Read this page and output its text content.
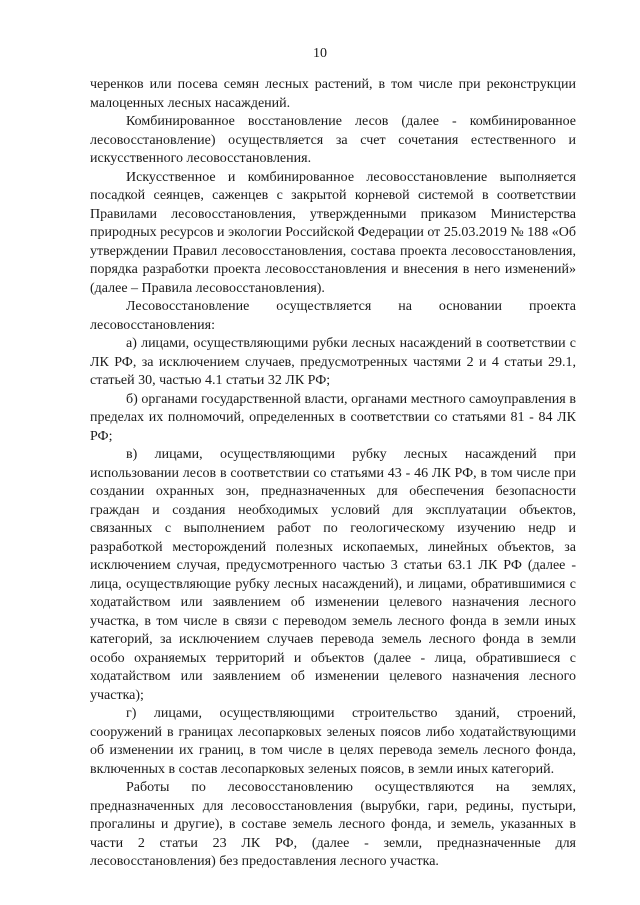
10

черенков или посева семян лесных растений, в том числе при реконструкции малоценных лесных насаждений.

Комбинированное восстановление лесов (далее - комбинированное лесовосстановление) осуществляется за счет сочетания естественного и искусственного лесовосстановления.

Искусственное и комбинированное лесовосстановление выполняется посадкой сеянцев, саженцев с закрытой корневой системой в соответствии Правилами лесовосстановления, утвержденными приказом Министерства природных ресурсов и экологии Российской Федерации от 25.03.2019 № 188 «Об утверждении Правил лесовосстановления, состава проекта лесовосстановления, порядка разработки проекта лесовосстановления и внесения в него изменений» (далее – Правила лесовосстановления).

Лесовосстановление осуществляется на основании проекта лесовосстановления:

а) лицами, осуществляющими рубки лесных насаждений в соответствии с ЛК РФ, за исключением случаев, предусмотренных частями 2 и 4 статьи 29.1, статьей 30, частью 4.1 статьи 32 ЛК РФ;

б) органами государственной власти, органами местного самоуправления в пределах их полномочий, определенных в соответствии со статьями 81 - 84 ЛК РФ;

в) лицами, осуществляющими рубку лесных насаждений при использовании лесов в соответствии со статьями 43 - 46 ЛК РФ, в том числе при создании охранных зон, предназначенных для обеспечения безопасности граждан и создания необходимых условий для эксплуатации объектов, связанных с выполнением работ по геологическому изучению недр и разработкой месторождений полезных ископаемых, линейных объектов, за исключением случая, предусмотренного частью 3 статьи 63.1 ЛК РФ (далее - лица, осуществляющие рубку лесных насаждений), и лицами, обратившимися с ходатайством или заявлением об изменении целевого назначения лесного участка, в том числе в связи с переводом земель лесного фонда в земли иных категорий, за исключением случаев перевода земель лесного фонда в земли особо охраняемых территорий и объектов (далее - лица, обратившиеся с ходатайством или заявлением об изменении целевого назначения лесного участка);

г) лицами, осуществляющими строительство зданий, строений, сооружений в границах лесопарковых зеленых поясов либо ходатайствующими об изменении их границ, в том числе в целях перевода земель лесного фонда, включенных в состав лесопарковых зеленых поясов, в земли иных категорий.

Работы по лесовосстановлению осуществляются на землях, предназначенных для лесовосстановления (вырубки, гари, редины, пустыри, прогалины и другие), в составе земель лесного фонда, и земель, указанных в части 2 статьи 23 ЛК РФ, (далее - земли, предназначенные для лесовосстановления) без предоставления лесного участка.
